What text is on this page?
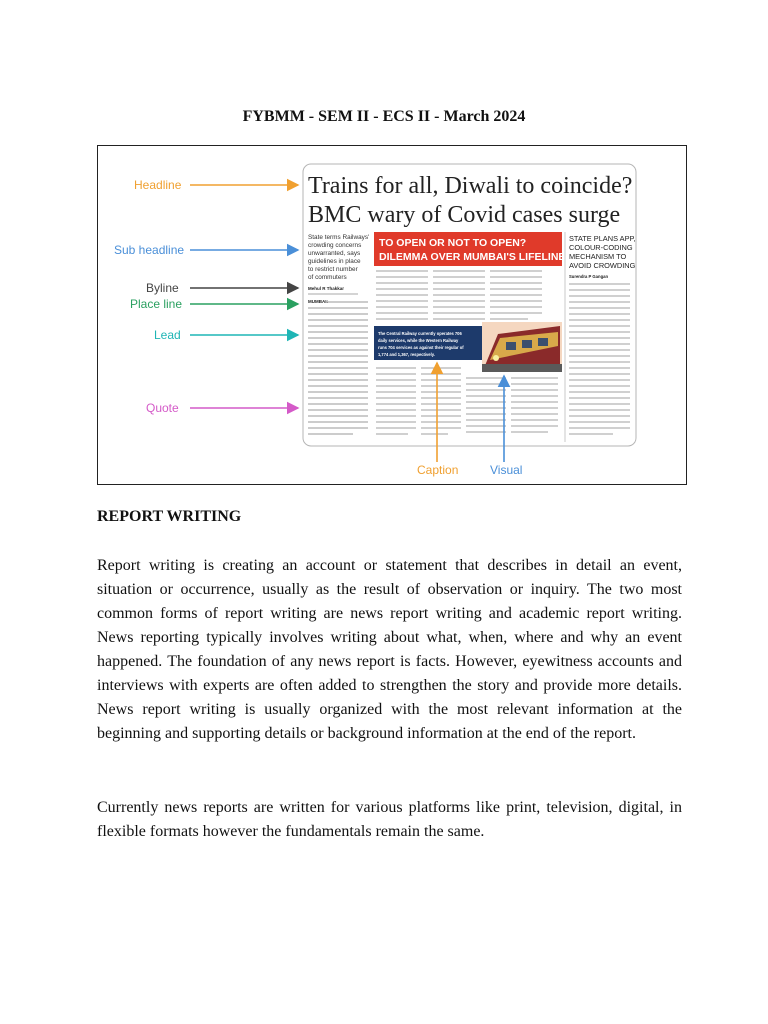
FYBMM - SEM II - ECS II - March 2024
Trains for all, Diwali to coincide?
BMC wary of Covid cases surge
State terms Railways'
crowding concerns
unwarranted, says
guidelines in place
to restrict number
of commuters
Mehul R Thakkar
MUMBAI:
TO OPEN OR NOT TO OPEN?
DILEMMA OVER MUMBAI'S LIFELINE
The Central Railway currently operates 706
daily services, while the Western Railway
runs 704 services as against their regular of
1,774 and 1,367, respectively.
STATE PLANS APP,
COLOUR-CODING
MECHANISM TO
AVOID CROWDING
Surendra P Gangan
Headline
Sub headline
Byline
Place line
Lead
Quote
Caption	Visual
REPORT WRITING

Report writing is creating an account or statement that describes in detail an event, situation or occurrence, usually as the result of observation or inquiry. The two most common forms of report writing are news report writing and academic report writing. News reporting typically involves writing about what, when, where and why an event happened. The foundation of any news report is facts. However, eyewitness accounts and interviews with experts are often added to strengthen the story and provide more details. News report writing is usually organized with the most relevant information at the beginning and supporting details or background information at the end of the report.

Currently news reports are written for various platforms like print, television, digital, in flexible formats however the fundamentals remain the same.
